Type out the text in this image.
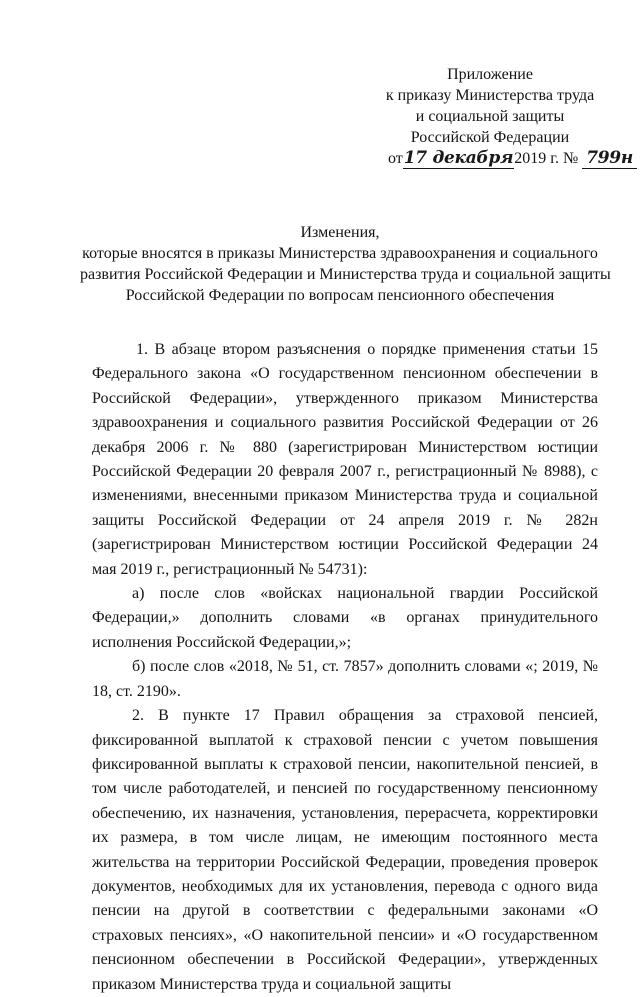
Приложение
к приказу Министерства труда
и социальной защиты
Российской Федерации
от17 декабря2019 г. № 799н
Изменения,
которые вносятся в приказы Министерства здравоохранения и социального
развития Российской Федерации и Министерства труда и социальной защиты
Российской Федерации по вопросам пенсионного обеспечения

1. В абзаце втором разъяснения о порядке применения статьи 15 Федерального закона «О государственном пенсионном обеспечении в Российской Федерации», утвержденного приказом Министерства здравоохранения и социального развития Российской Федерации от 26 декабря 2006 г. № 880 (зарегистрирован Министерством юстиции Российской Федерации 20 февраля 2007 г., регистрационный № 8988), с изменениями, внесенными приказом Министерства труда и социальной защиты Российской Федерации от 24 апреля 2019 г. № 282н (зарегистрирован Министерством юстиции Российской Федерации 24 мая 2019 г., регистрационный № 54731):

а) после слов «войсках национальной гвардии Российской Федерации,» дополнить словами «в органах принудительного исполнения Российской Федерации,»;

б) после слов «2018, № 51, ст. 7857» дополнить словами «; 2019, № 18, ст. 2190».

2. В пункте 17 Правил обращения за страховой пенсией, фиксированной выплатой к страховой пенсии с учетом повышения фиксированной выплаты к страховой пенсии, накопительной пенсией, в том числе работодателей, и пенсией по государственному пенсионному обеспечению, их назначения, установления, перерасчета, корректировки их размера, в том числе лицам, не имеющим постоянного места жительства на территории Российской Федерации, проведения проверок документов, необходимых для их установления, перевода с одного вида пенсии на другой в соответствии с федеральными законами «О страховых пенсиях», «О накопительной пенсии» и «О государственном пенсионном обеспечении в Российской Федерации», утвержденных приказом Министерства труда и социальной защиты
